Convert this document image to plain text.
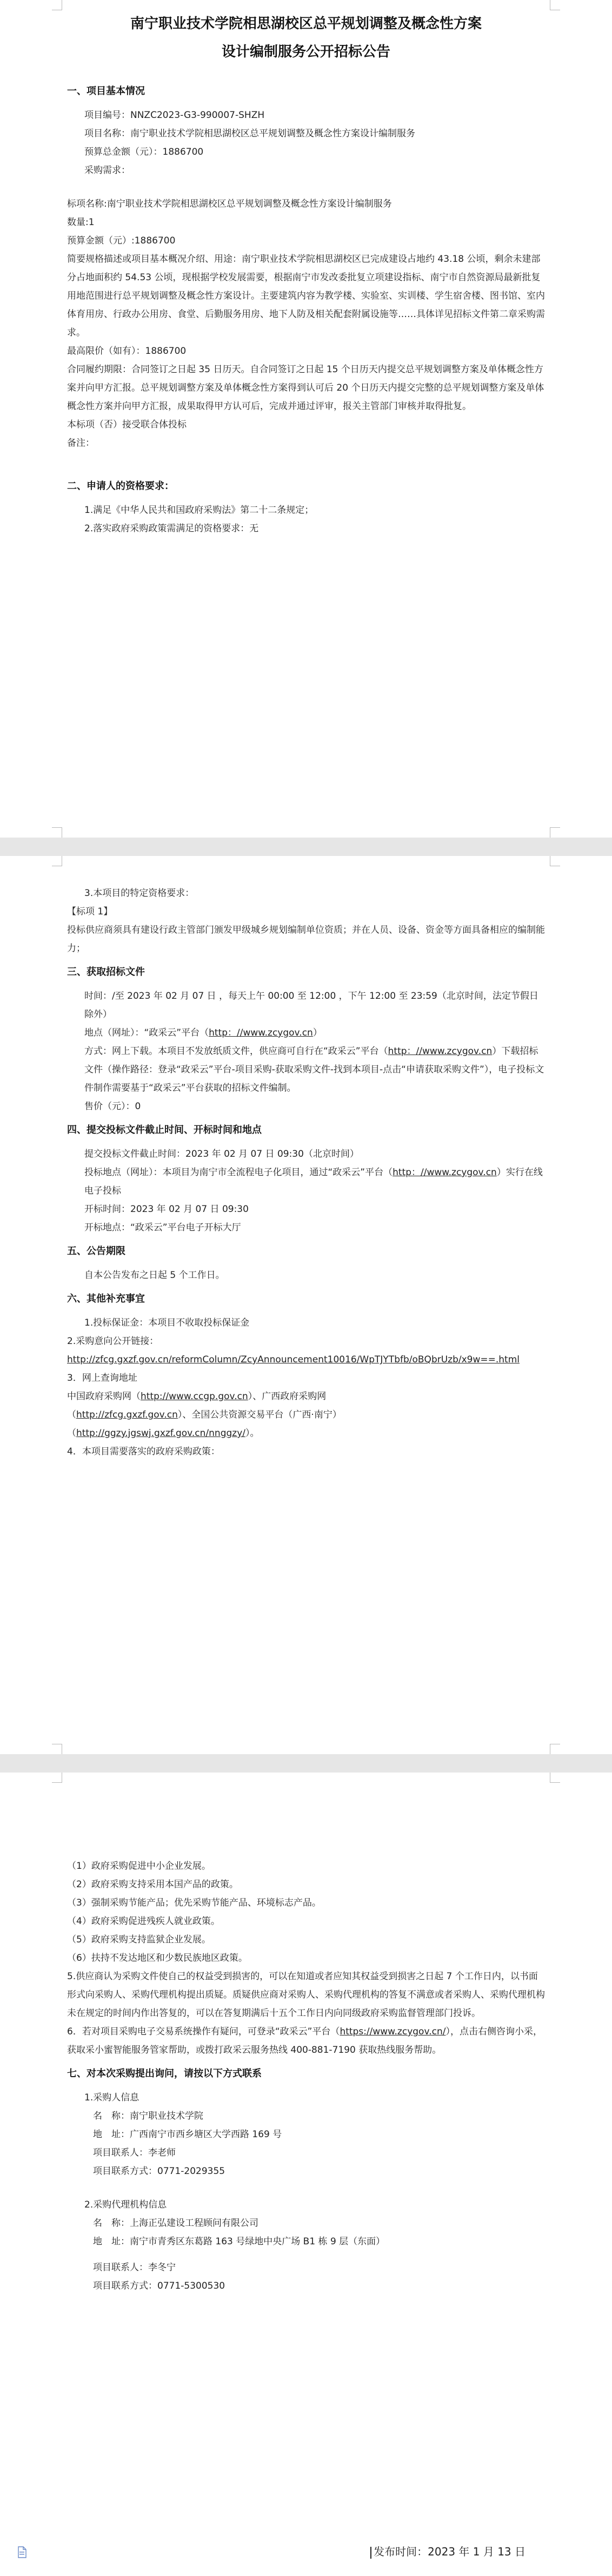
南宁职业技术学院相思湖校区总平规划调整及概念性方案
设计编制服务公开招标公告

一、项目基本情况

项目编号：NNZC2023-G3-990007-SHZH

项目名称：南宁职业技术学院相思湖校区总平规划调整及概念性方案设计编制服务

预算总金额（元）：1886700

采购需求：

标项名称:南宁职业技术学院相思湖校区总平规划调整及概念性方案设计编制服务

数量:1

预算金额（元）:1886700

简要规格描述或项目基本概况介绍、用途：南宁职业技术学院相思湖校区已完成建设占地约 43.18 公顷，剩余未建部分占地面积约 54.53 公顷，现根据学校发展需要，根据南宁市发改委批复立项建设指标、南宁市自然资源局最新批复用地范围进行总平规划调整及概念性方案设计。主要建筑内容为教学楼、实验室、实训楼、学生宿舍楼、图书馆、室内体育用房、行政办公用房、食堂、后勤服务用房、地下人防及相关配套附属设施等……具体详见招标文件第二章采购需求。

最高限价（如有）：1886700

合同履约期限：合同签订之日起 35 日历天。自合同签订之日起 15 个日历天内提交总平规划调整方案及单体概念性方案并向甲方汇报。总平规划调整方案及单体概念性方案得到认可后 20 个日历天内提交完整的总平规划调整方案及单体概念性方案并向甲方汇报，成果取得甲方认可后，完成并通过评审，报关主管部门审核并取得批复。

本标项（否）接受联合体投标

备注：

二、申请人的资格要求：

1.满足《中华人民共和国政府采购法》第二十二条规定；

2.落实政府采购政策需满足的资格要求：无

3.本项目的特定资格要求：

【标项 1】

投标供应商须具有建设行政主管部门颁发甲级城乡规划编制单位资质；并在人员、设备、资金等方面具备相应的编制能力；

三、获取招标文件

时间：/至 2023 年 02 月 07 日 ，每天上午 00:00 至 12:00 ，下午 12:00 至 23:59（北京时间，法定节假日除外）

地点（网址）：“政采云”平台（http：//www.zcygov.cn）

方式：网上下载。本项目不发放纸质文件，供应商可自行在“政采云”平台（http：//www.zcygov.cn）下载招标文件（操作路径：登录“政采云”平台-项目采购-获取采购文件-找到本项目-点击“申请获取采购文件”），电子投标文件制作需要基于“政采云”平台获取的招标文件编制。

售价（元）：0

四、提交投标文件截止时间、开标时间和地点

提交投标文件截止时间：2023 年 02 月 07 日 09:30（北京时间）

投标地点（网址）：本项目为南宁市全流程电子化项目，通过“政采云”平台（http：//www.zcygov.cn）实行在线电子投标

开标时间：2023 年 02 月 07 日 09:30

开标地点：“政采云”平台电子开标大厅

五、公告期限

自本公告发布之日起 5 个工作日。

六、其他补充事宜

1.投标保证金：本项目不收取投标保证金

2.采购意向公开链接：

http://zfcg.gxzf.gov.cn/reformColumn/ZcyAnnouncement10016/WpTJYTbfb/oBQbrUzb/x9w==.html

3．网上查询地址

中国政府采购网（http://www.ccgp.gov.cn）、广西政府采购网

（http://zfcg.gxzf.gov.cn）、全国公共资源交易平台（广西·南宁）

（http://ggzy.jgswj.gxzf.gov.cn/nnggzy/）。

4．本项目需要落实的政府采购政策：

（1）政府采购促进中小企业发展。

（2）政府采购支持采用本国产品的政策。

（3）强制采购节能产品；优先采购节能产品、环境标志产品。

（4）政府采购促进残疾人就业政策。

（5）政府采购支持监狱企业发展。

（6）扶持不发达地区和少数民族地区政策。

5.供应商认为采购文件使自己的权益受到损害的，可以在知道或者应知其权益受到损害之日起 7 个工作日内，以书面形式向采购人、采购代理机构提出质疑。质疑供应商对采购人、采购代理机构的答复不满意或者采购人、采购代理机构未在规定的时间内作出答复的，可以在答复期满后十五个工作日内向同级政府采购监督管理部门投诉。

6．若对项目采购电子交易系统操作有疑问，可登录“政采云”平台（https://www.zcygov.cn/），点击右侧咨询小采，获取采小蜜智能服务管家帮助，或拨打政采云服务热线 400-881-7190 获取热线服务帮助。

七、对本次采购提出询问，请按以下方式联系

1.采购人信息

名　称：南宁职业技术学院

地　址：广西南宁市西乡塘区大学西路 169 号

项目联系人：李老师

项目联系方式：0771-2029355

2.采购代理机构信息

名　称：上海正弘建设工程顾问有限公司

地　址：南宁市青秀区东葛路 163 号绿地中央广场 B1 栋 9 层（东面）

项目联系人：李冬宁

项目联系方式：0771-5300530

发布时间：2023 年 1 月 13 日
